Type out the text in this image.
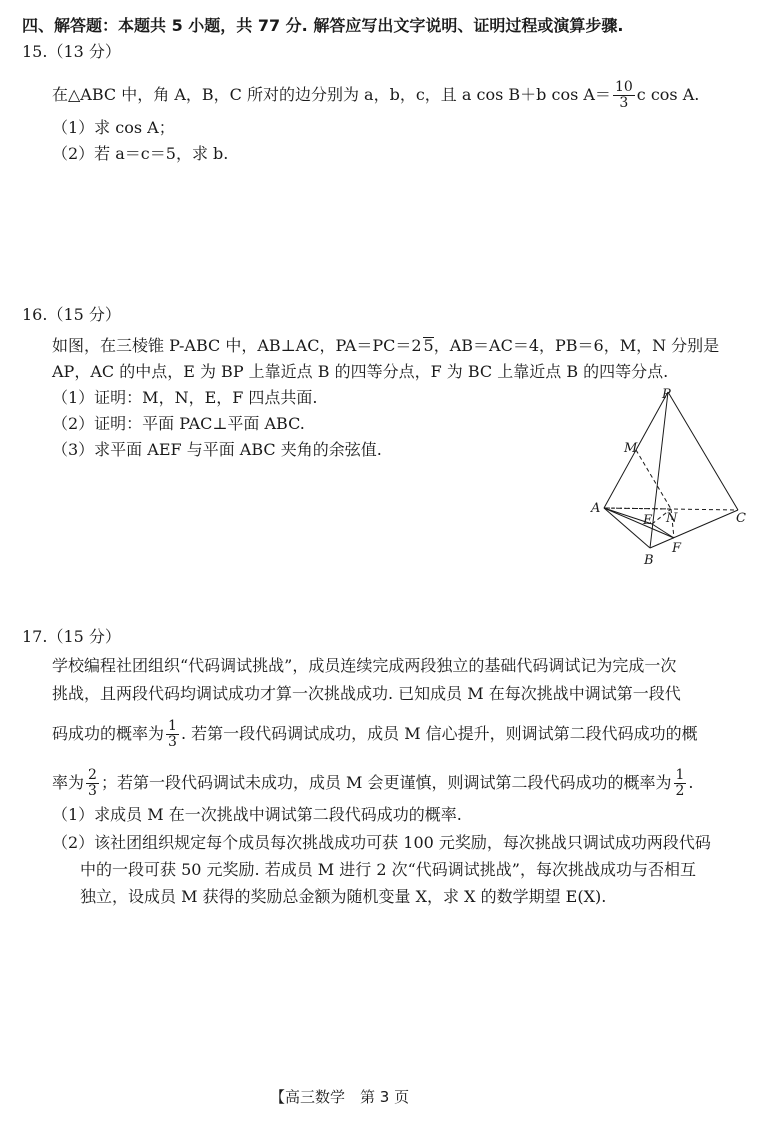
四、解答题：本题共 5 小题，共 77 分. 解答应写出文字说明、证明过程或演算步骤.
15.（13 分）
在△ABC 中，角 A，B，C 所对的边分别为 a，b，c，且 a cos B＋b $\cos A= \frac{10}{3}$ c cos A.
（1）求 cos A；
（2）若 a＝c＝5，求 b.
16.（15 分）
如图，在三棱锥 P-ABC 中，AB⊥AC，PA＝PC＝2 5，AB＝AC＝4，PB＝6，M，N 分别是
AP，AC 的中点，E 为 BP 上靠近点 B 的四等分点，F 为 BC 上靠近点 B 的四等分点.
（1）证明：M，N，E，F 四点共面.
（2）证明：平面 PAC⊥平面 ABC.
（3）求平面 AEF 与平面 ABC 夹角的余弦值.
P
M
A
E N	C
B
F
17.（15 分）
学校编程社团组织“代码调试挑战”，成员连续完成两段独立的基础代码调试记为完成一次
挑战，且两段代码均调试成功才算一次挑战成功. 已知成员 M 在每次挑战中调试第一段代
码成功的概率为 $\frac{1}{3}$ . 若第一段代码调试成功，成员 M 信心提升，则调试第二段代码成功的概
率为 $\frac{2}{3}$ ；若第一段代码调试未成功，成员 M 会更谨慎，则调试第二段代码成功的概率为 $\frac{1}{2}$ .
（1）求成员 M 在一次挑战中调试第二段代码成功的概率.
（2）该社团组织规定每个成员每次挑战成功可获 100 元奖励，每次挑战只调试成功两段代码
中的一段可获 50 元奖励. 若成员 M 进行 2 次“代码调试挑战”，每次挑战成功与否相互
独立，设成员 M 获得的奖励总金额为随机变量 X，求 X 的数学期望 E(X).
【高三数学　第 3 页
